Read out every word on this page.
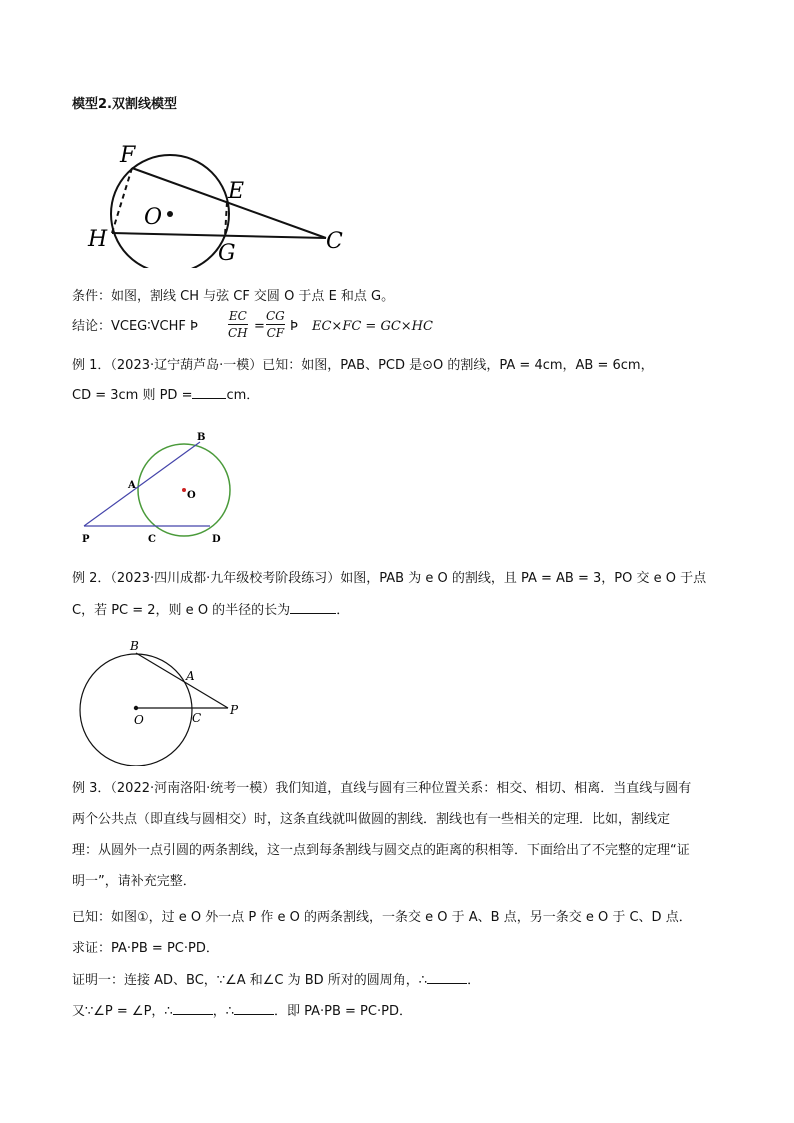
模型2.双割线模型
F
E
O
H
G	C
条件：如图，割线 CH 与弦 CF 交圆 O 于点 E 和点 G。
结论：VCEG∶VCHF Þ
EC
CH =
CG
CF Þ EC×FC = GC×HC
例 1．（2023·辽宁葫芦岛·一模）已知：如图，PAB、PCD 是⊙O 的割线，PA = 4cm，AB = 6cm，
CD = 3cm 则 PD =	cm．
B
A
O
P	C	D
例 2．（2023·四川成都·九年级校考阶段练习）如图，PAB 为 e O 的割线，且 PA = AB = 3，PO 交 e O 于点
C，若 PC = 2，则 e O 的半径的长为	．
B
A
O	C
P
例 3．（2022·河南洛阳·统考一模）我们知道，直线与圆有三种位置关系：相交、相切、相离．当直线与圆有
两个公共点（即直线与圆相交）时，这条直线就叫做圆的割线．割线也有一些相关的定理．比如，割线定
理：从圆外一点引圆的两条割线，这一点到每条割线与圆交点的距离的积相等．下面给出了不完整的定理“证
明一”，请补充完整．
已知：如图①，过 e O 外一点 P 作 e O 的两条割线，一条交 e O 于 A、B 点，另一条交 e O 于 C、D 点．
求证：PA·PB = PC·PD．
证明一：连接 AD、BC，∵∠A 和∠C 为 BD 所对的圆周角，∴	．
又∵∠P = ∠P，∴	，∴	．即 PA·PB = PC·PD．
